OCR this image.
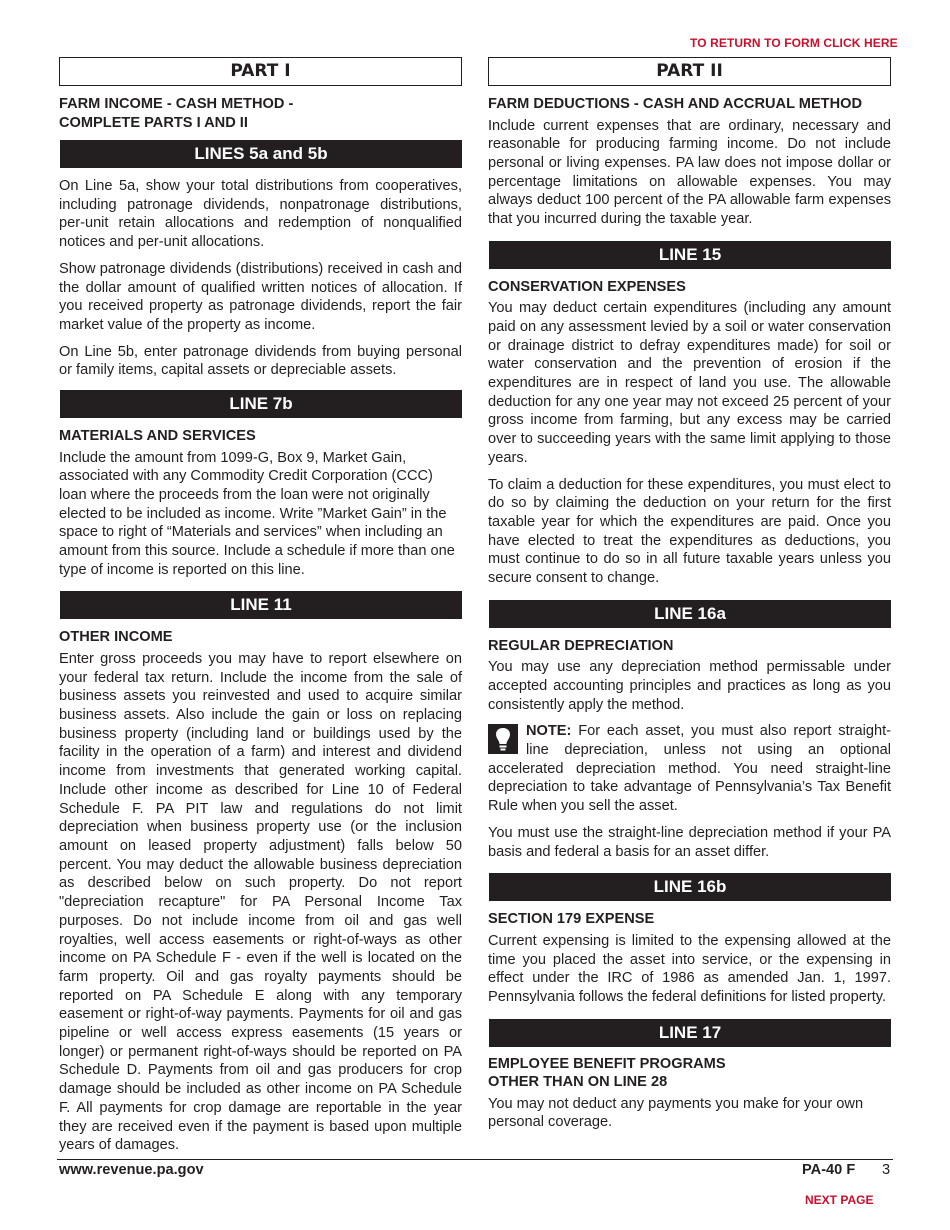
TO RETURN TO FORM CLICK HERE
PART I
FARM INCOME - CASH METHOD -
COMPLETE PARTS I AND II
LINES 5a and 5b

On Line 5a, show your total distributions from cooperatives, including patronage dividends, nonpatronage distributions, per-unit retain allocations and redemption of nonqualified notices and per-unit allocations.

Show patronage dividends (distributions) received in cash and the dollar amount of qualified written notices of allocation. If you received property as patronage dividends, report the fair market value of the property as income.

On Line 5b, enter patronage dividends from buying personal or family items, capital assets or depreciable assets.

LINE 7b
MATERIALS AND SERVICES

Include the amount from 1099-G, Box 9, Market Gain, associated with any Commodity Credit Corporation (CCC) loan where the proceeds from the loan were not originally elected to be included as income. Write ”Market Gain” in the space to right of “Materials and services” when including an amount from this source. Include a schedule if more than one type of income is reported on this line.

LINE 11
OTHER INCOME

Enter gross proceeds you may have to report elsewhere on your federal tax return. Include the income from the sale of business assets you reinvested and used to acquire similar business assets. Also include the gain or loss on replacing business property (including land or buildings used by the facility in the operation of a farm) and interest and dividend income from investments that generated working capital. Include other income as described for Line 10 of Federal Schedule F. PA PIT law and regulations do not limit depreciation when business property use (or the inclusion amount on leased property adjustment) falls below 50 percent. You may deduct the allowable business depreciation as described below on such property. Do not report "depreciation recapture" for PA Personal Income Tax purposes. Do not include income from oil and gas well royalties, well access easements or right-of-ways as other income on PA Schedule F - even if the well is located on the farm property. Oil and gas royalty payments should be reported on PA Schedule E along with any temporary easement or right-of-way payments. Payments for oil and gas pipeline or well access express easements (15 years or longer) or permanent right-of-ways should be reported on PA Schedule D. Payments from oil and gas producers for crop damage should be included as other income on PA Schedule F. All payments for crop damage are reportable in the year they are received even if the payment is based upon multiple years of damages.

PART II
FARM DEDUCTIONS - CASH AND ACCRUAL METHOD

Include current expenses that are ordinary, necessary and reasonable for producing farming income. Do not include personal or living expenses. PA law does not impose dollar or percentage limitations on allowable expenses. You may always deduct 100 percent of the PA allowable farm expenses that you incurred during the taxable year.

LINE 15
CONSERVATION EXPENSES

You may deduct certain expenditures (including any amount paid on any assessment levied by a soil or water conservation or drainage district to defray expenditures made) for soil or water conservation and the prevention of erosion if the expenditures are in respect of land you use. The allowable deduction for any one year may not exceed 25 percent of your gross income from farming, but any excess may be carried over to succeeding years with the same limit applying to those years.

To claim a deduction for these expenditures, you must elect to do so by claiming the deduction on your return for the first taxable year for which the expenditures are paid. Once you have elected to treat the expenditures as deductions, you must continue to do so in all future taxable years unless you secure consent to change.

LINE 16a
REGULAR DEPRECIATION

You may use any depreciation method permissable under accepted accounting principles and practices as long as you consistently apply the method.

NOTE: For each asset, you must also report straight-line depreciation, unless not using an optional accelerated depreciation method. You need straight-line depreciation to take advantage of Pennsylvania’s Tax Benefit Rule when you sell the asset.

You must use the straight-line depreciation method if your PA basis and federal a basis for an asset differ.

LINE 16b
SECTION 179 EXPENSE

Current expensing is limited to the expensing allowed at the time you placed the asset into service, or the expensing in effect under the IRC of 1986 as amended Jan. 1, 1997. Pennsylvania follows the federal definitions for listed property.

LINE 17
EMPLOYEE BENEFIT PROGRAMS
OTHER THAN ON LINE 28

You may not deduct any payments you make for your own personal coverage.

www.revenue.pa.gov	PA-40 F 3
NEXT PAGE
